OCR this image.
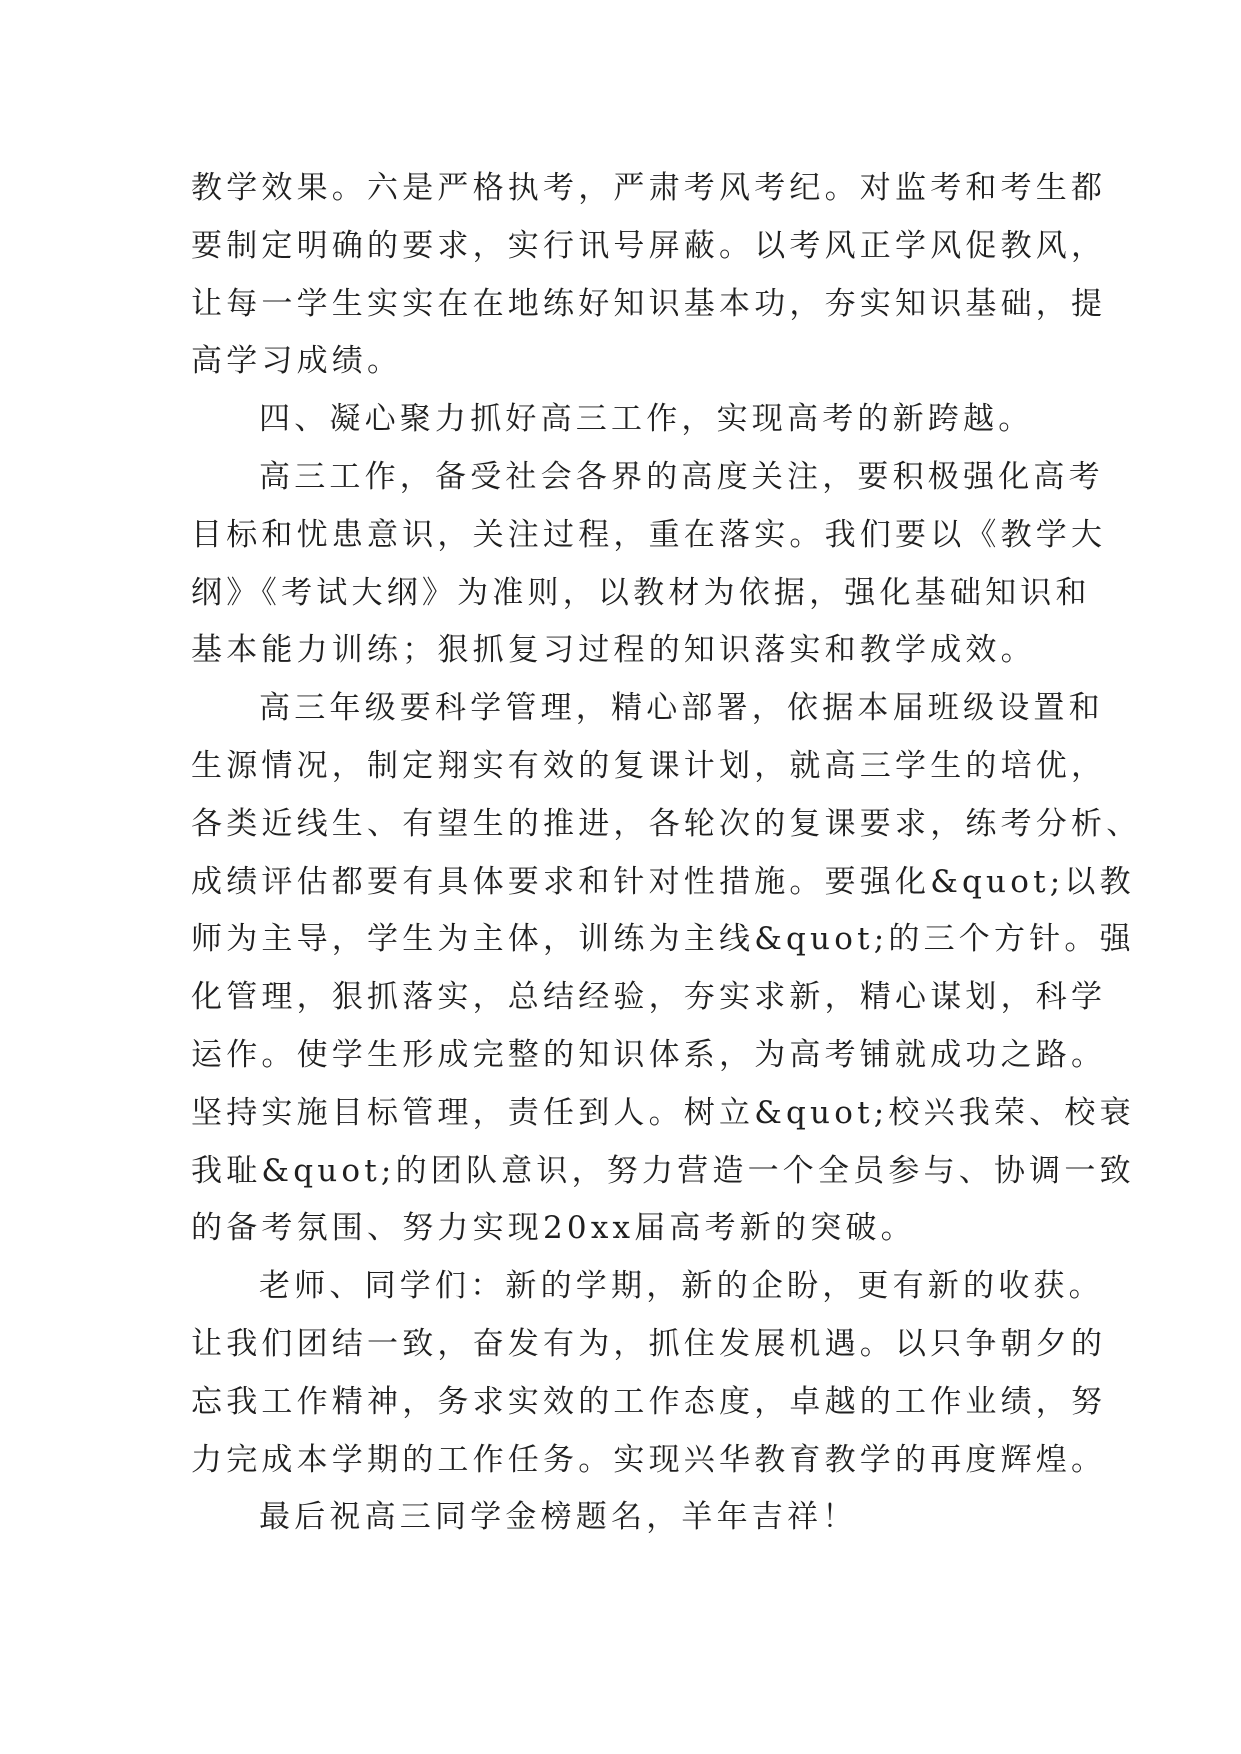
教学效果。六是严格执考，严肃考风考纪。对监考和考生都
要制定明确的要求，实行讯号屏蔽。以考风正学风促教风，
让每一学生实实在在地练好知识基本功，夯实知识基础，提
高学习成绩。
四、凝心聚力抓好高三工作，实现高考的新跨越。
高三工作，备受社会各界的高度关注，要积极强化高考
目标和忧患意识，关注过程，重在落实。我们要以《教学大
纲》《考试大纲》为准则，以教材为依据，强化基础知识和
基本能力训练；狠抓复习过程的知识落实和教学成效。
高三年级要科学管理，精心部署，依据本届班级设置和
生源情况，制定翔实有效的复课计划，就高三学生的培优，
各类近线生、有望生的推进，各轮次的复课要求，练考分析、
成绩评估都要有具体要求和针对性措施。要强化&quot;以教
师为主导，学生为主体，训练为主线&quot;的三个方针。强
化管理，狠抓落实，总结经验，夯实求新，精心谋划，科学
运作。使学生形成完整的知识体系，为高考铺就成功之路。
坚持实施目标管理，责任到人。树立&quot;校兴我荣、校衰
我耻&quot;的团队意识，努力营造一个全员参与、协调一致
的备考氛围、努力实现20xx届高考新的突破。
老师、同学们：新的学期，新的企盼，更有新的收获。
让我们团结一致，奋发有为，抓住发展机遇。以只争朝夕的
忘我工作精神，务求实效的工作态度，卓越的工作业绩，努
力完成本学期的工作任务。实现兴华教育教学的再度辉煌。
最后祝高三同学金榜题名，羊年吉祥！
